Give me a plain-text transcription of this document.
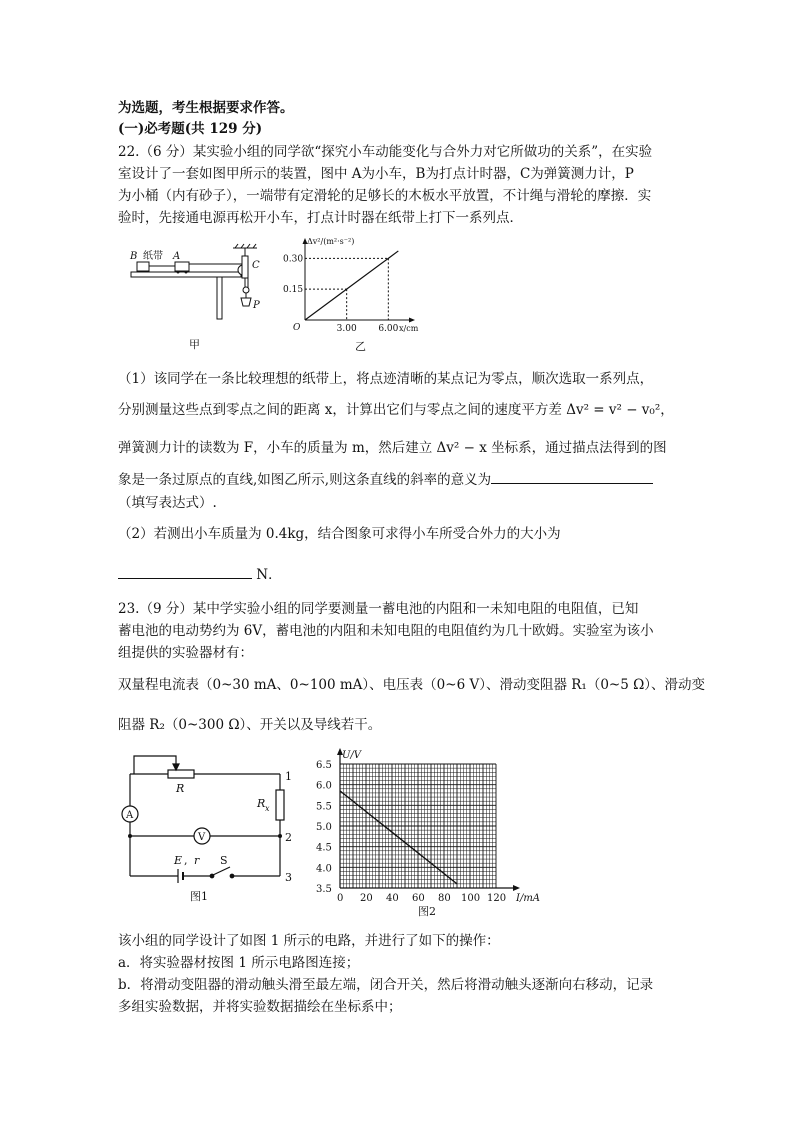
为选题，考生根据要求作答。
(一)必考题(共 129 分)
22.（6 分）某实验小组的同学欲“探究小车动能变化与合外力对它所做功的关系”，在实验
室设计了一套如图甲所示的装置，图中 A为小车，B为打点计时器，C为弹簧测力计，P
为小桶（内有砂子），一端带有定滑轮的足够长的木板水平放置，不计绳与滑轮的摩擦．实
验时，先接通电源再松开小车，打点计时器在纸带上打下一系列点．
B 纸带 A
C
P
甲
3.00 6.00
0.15
0.30
O
Δv²/(m²·s⁻²)
x/cm
乙
（1）该同学在一条比较理想的纸带上，将点迹清晰的某点记为零点，顺次选取一系列点，
分别测量这些点到零点之间的距离 x，计算出它们与零点之间的速度平方差 Δv² = v² − v₀²，
弹簧测力计的读数为 F，小车的质量为 m，然后建立 Δv² − x 坐标系，通过描点法得到的图
象是一条过原点的直线,如图乙所示,则这条直线的斜率的意义为
（填写表达式）.
（2）若测出小车质量为 0.4kg，结合图象可求得小车所受合外力的大小为
N．
23.（9 分）某中学实验小组的同学要测量一蓄电池的内阻和一未知电阻的电阻值，已知
蓄电池的电动势约为 6V，蓄电池的内阻和未知电阻的电阻值约为几十欧姆。实验室为该小
组提供的实验器材有：
双量程电流表（0~30 mA、0~100 mA）、电压表（0~6 V）、滑动变阻器 R₁（0~5 Ω）、滑动变
阻器 R₂（0~300 Ω）、开关以及导线若干。
A
V
R
R x
1
2
3
E , r S
图1	0 20 40 60 80 100 120
3.5
4.0
4.5
5.0
5.5
6.0
6.5
U/V
I/mA
图2
该小组的同学设计了如图 1 所示的电路，并进行了如下的操作：
a．将实验器材按图 1 所示电路图连接；
b．将滑动变阻器的滑动触头滑至最左端，闭合开关，然后将滑动触头逐渐向右移动，记录
多组实验数据，并将实验数据描绘在坐标系中；
